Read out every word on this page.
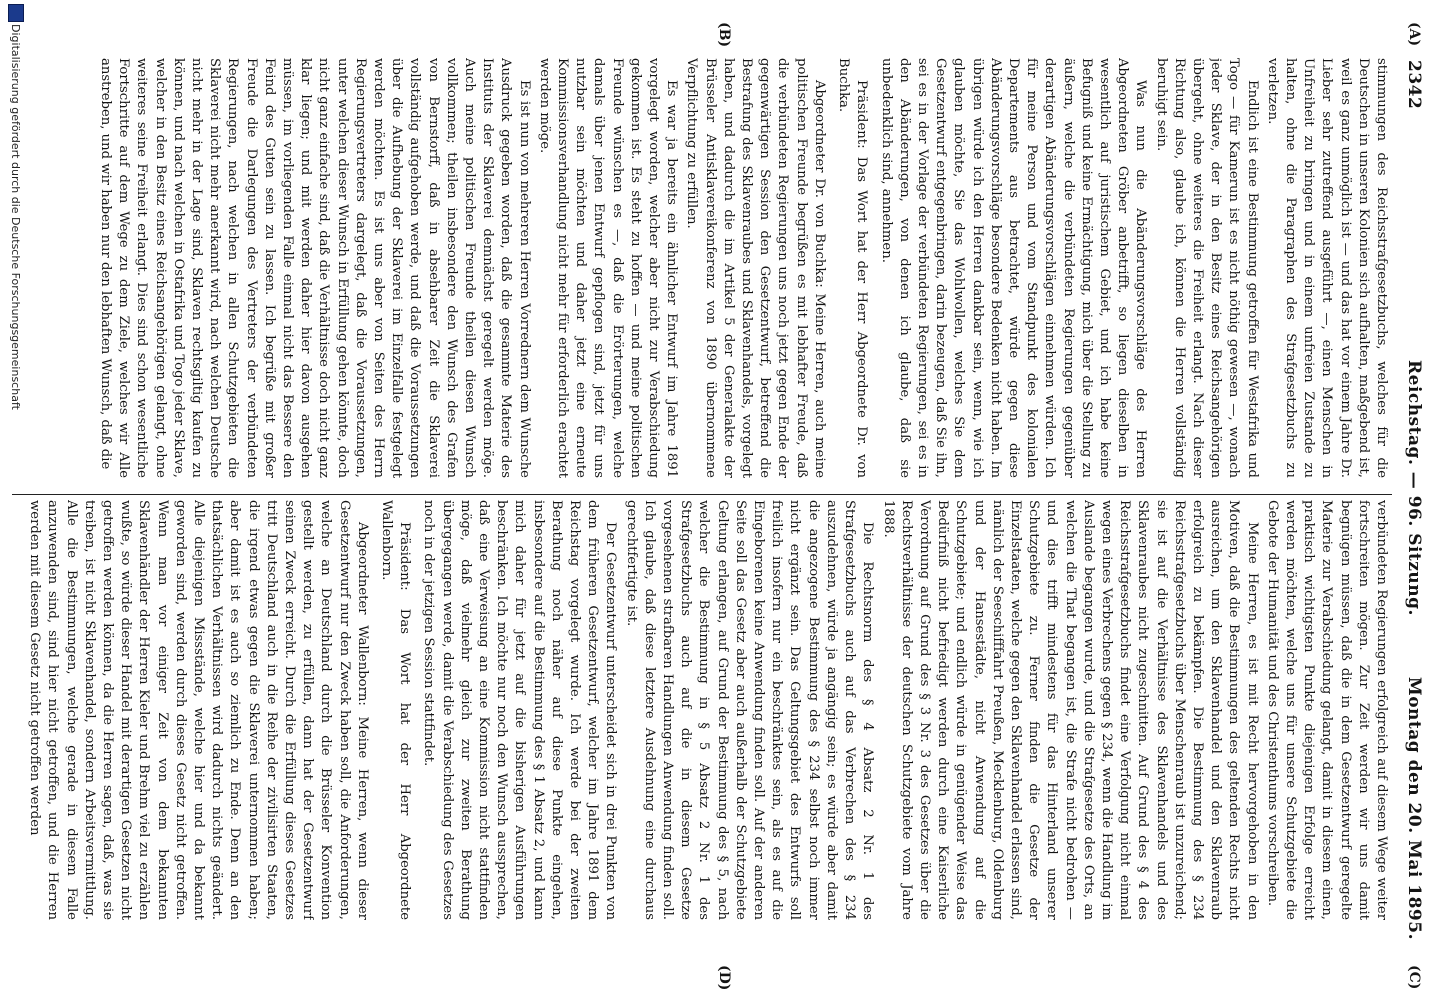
2342
Reichstag. — 96. Sitzung.
Montag den 20. Mai 1895.
(A)
(B)
(C)
(D)

stimmungen des Reichsstrafgesetzbuchs, welches für die Deutschen in unseren Kolonien sich aufhalten, maßgebend ist, weil es ganz unmöglich ist — und das hat vor einem Jahre Dr. Lieber sehr zutreffend ausgeführt —, einen Menschen in Unfreiheit zu bringen und in einem unfreien Zustande zu halten, ohne die Paragraphen des Strafgesetzbuchs zu verletzen.

Endlich ist eine Bestimmung getroffen für Westafrika und Togo — für Kamerun ist es nicht nöthig gewesen —, wonach jeder Sklave, der in den Besitz eines Reichsangehörigen übergeht, ohne weiteres die Freiheit erlangt. Nach dieser Richtung also, glaube ich, können die Herren vollständig beruhigt sein.

Was nun die Abänderungsvorschläge des Herren Abgeordneten Gröber anbetrifft, so liegen dieselben in wesentlich auf juristischem Gebiet, und ich habe keine Befugniß und keine Ermächtigung, mich über die Stellung zu äußern, welche die verbündeten Regierungen gegenüber derartigen Abänderungsvorschlägen einnehmen würden. Ich für meine Person und vom Standpunkt des kolonialen Departements aus betrachtet, würde gegen diese Abänderungsvorschläge besondere Bedenken nicht haben. Im übrigen würde ich den Herren dankbar sein, wenn, wie ich glauben möchte, Sie das Wohlwollen, welches Sie dem Gesetzentwurf entgegenbringen, darin bezeugen, daß Sie ihn, sei es in der Vorlage der verbündeten Regierungen, sei es in den Abänderungen, von denen ich glaube, daß sie unbedenklich sind, annehmen.

Präsident: Das Wort hat der Herr Abgeordnete Dr. von Buchka.

Abgeordneter Dr. von Buchka: Meine Herren, auch meine politischen Freunde begrüßen es mit lebhafter Freude, daß die verbündeten Regierungen uns noch jetzt gegen Ende der gegenwärtigen Session den Gesetzentwurf, betreffend die Bestrafung des Sklavenraubes und Sklavenhandels, vorgelegt haben, und dadurch die im Artikel 5 der Generalakte der Brüsseler Antisklavereikonferenz von 1890 übernommene Verpflichtung zu erfüllen.

Es war ja bereits ein ähnlicher Entwurf im Jahre 1891 vorgelegt worden, welcher aber nicht zur Verabschiedung gekommen ist. Es steht zu hoffen — und meine politischen Freunde wünschen es —, daß die Erörterungen, welche damals über jenen Entwurf gepflogen sind, jetzt für uns nutzbar sein möchten und daher jetzt eine erneute Kommissionsverhandlung nicht mehr für erforderlich erachtet werden möge.

Es ist nun von mehreren Herren Vorrednern dem Wunsche Ausdruck gegeben worden, daß die gesammte Materie des Instituts der Sklaverei demnächst geregelt werden möge. Auch meine politischen Freunde theilen diesen Wunsch vollkommen; theilen insbesondere den Wunsch des Grafen von Bernstorff, daß in absehbarer Zeit die Sklaverei vollständig aufgehoben werde, und daß die Voraussetzungen über die Aufhebung der Sklaverei im Einzelfalle festgelegt werden möchten. Es ist uns aber von Seiten des Herrn Regierungsvertreters dargelegt, daß die Voraussetzungen, unter welchen dieser Wunsch in Erfüllung gehen könnte, doch nicht ganz einfache sind, daß die Verhältnisse doch nicht ganz klar liegen; und mit werden daher hier davon ausgehen müssen, im vorliegenden Falle einmal nicht das Bessere den Feind des Guten sein zu lassen. Ich begrüße mit großer Freude die Darlegungen des Vertreters der verbündeten Regierungen, nach welchen in allen Schutzgebieten die Sklaverei nicht mehr anerkannt wird, nach welchen Deutsche nicht mehr in der Lage sind, Sklaven rechtsgiltig kaufen zu können, und nach welchen in Ostafrika und Togo jeder Sklave, welcher in den Besitz eines Reichsangehörigen gelangt, ohne weiteres seine Freiheit erlangt. Dies sind schon wesentliche Fortschritte auf dem Wege zu dem Ziele, welches wir Alle anstreben, und wir haben nur den lebhaften Wunsch, daß die

verbündeten Regierungen erfolgreich auf diesem Wege weiter fortschreiten mögen. Zur Zeit werden wir uns damit begnügen müssen, daß die in dem Gesetzentwurf geregelte Materie zur Verabschiedung gelangt, damit in diesem einen, praktisch wichtigsten Punkte diejenigen Erfolge erreicht werden möchten, welche uns für unsere Schutzgebiete die Gebote der Humanität und des Christenthums vorschreiben.

Meine Herren, es ist mit Recht hervorgehoben in den Motiven, daß die Bestimmungen des geltenden Rechts nicht ausreichen, um den Sklavenhandel und den Sklavenraub erfolgreich zu bekämpfen. Die Bestimmung des § 234 Reichsstrafgesetzbuchs über Menschenraub ist unzureichend; sie ist auf die Verhältnisse des Sklavenhandels und des Sklavenraubes nicht zugeschnitten. Auf Grund des § 4 des Reichsstrafgesetzbuchs findet eine Verfolgung nicht einmal wegen eines Verbrechens gegen § 234, wenn die Handlung im Auslande begangen wurde, und die Strafgesetze des Orts, an welchen die That begangen ist, die Strafe nicht bedrohen — und dies trifft mindestens für das Hinterland unserer Schutzgebiete zu. Ferner finden die Gesetze der Einzelstaaten, welche gegen den Sklavenhandel erlassen sind, nämlich der Seeschifffahrt Preußen, Mecklenburg, Oldenburg und der Hansestädte, nicht Anwendung auf die Schutzgebiete; und endlich würde in genügender Weise das Bedürfniß nicht befriedigt werden durch eine Kaiserliche Verordnung auf Grund des § 3 Nr. 3 des Gesetzes über die Rechtsverhältnisse der deutschen Schutzgebiete vom Jahre 1888.

Die Rechtsnorm des § 4 Absatz 2 Nr. 1 des Strafgesetzbuchs auch auf das Verbrechen des § 234 auszudehnen, würde ja angängig sein; es würde aber damit die angezogene Bestimmung des § 234 selbst noch immer nicht ergänzt sein. Das Geltungsgebiet des Entwurfs soll freilich insofern nur ein beschränktes sein, als es auf die Eingeborenen keine Anwendung finden soll. Auf der anderen Seite soll das Gesetz aber auch außerhalb der Schutzgebiete Geltung erlangen, auf Grund der Bestimmung des § 5, nach welcher die Bestimmung in § 5 Absatz 2 Nr. 1 des Strafgesetzbuchs auch auf die in diesem Gesetze vorgesehenen strafbaren Handlungen Anwendung finden soll. Ich glaube, daß diese letztere Ausdehnung eine durchaus gerechtfertigte ist.

Der Gesetzentwurf unterscheidet sich in drei Punkten von dem früheren Gesetzentwurf, welcher im Jahre 1891 dem Reichstag vorgelegt wurde. Ich werde bei der zweiten Berathung noch näher auf diese Punkte eingehen, insbesondere auf die Bestimmung des § 1 Absatz 2, und kann mich daher für jetzt auf die bisherigen Ausführungen beschränken. Ich möchte nur noch den Wunsch aussprechen, daß eine Verweisung an eine Kommission nicht stattfinden möge, daß vielmehr gleich zur zweiten Berathung übergegangen werde, damit die Verabschiedung des Gesetzes noch in der jetzigen Session stattfindet.

Präsident: Das Wort hat der Herr Abgeordnete Wallenborn.

Abgeordneter Wallenborn: Meine Herren, wenn dieser Gesetzentwurf nur den Zweck haben soll, die Anforderungen, welche an Deutschland durch die Brüsseler Konvention gestellt werden, zu erfüllen, dann hat der Gesetzentwurf seinen Zweck erreicht. Durch die Erfüllung dieses Gesetzes tritt Deutschland auch in die Reihe der zivilisirten Staaten, die irgend etwas gegen die Sklaverei unternommen haben; aber damit ist es auch so ziemlich zu Ende. Denn an den thatsächlichen Verhältnissen wird dadurch nichts geändert. Alle diejenigen Missstände, welche hier und da bekannt geworden sind, werden durch dieses Gesetz nicht getroffen. Wenn man vor einiger Zeit von dem bekannten Sklavenhändler der Herren Kieler und Brehm viel zu erzählen wußte, so würde dieser Handel mit derartigen Gesetzen nicht getroffen werden können, da die Herren sagen, daß, was sie treiben, ist nicht Sklavenhandel, sondern Arbeitsvermittlung. Alle die Bestimmungen, welche gerade in diesem Falle anzuwenden sind, sind hier nicht getroffen, und die Herren werden mit diesem Gesetz nicht getroffen werden

Digitalisierung gefördert durch die Deutsche Forschungsgemeinschaft
